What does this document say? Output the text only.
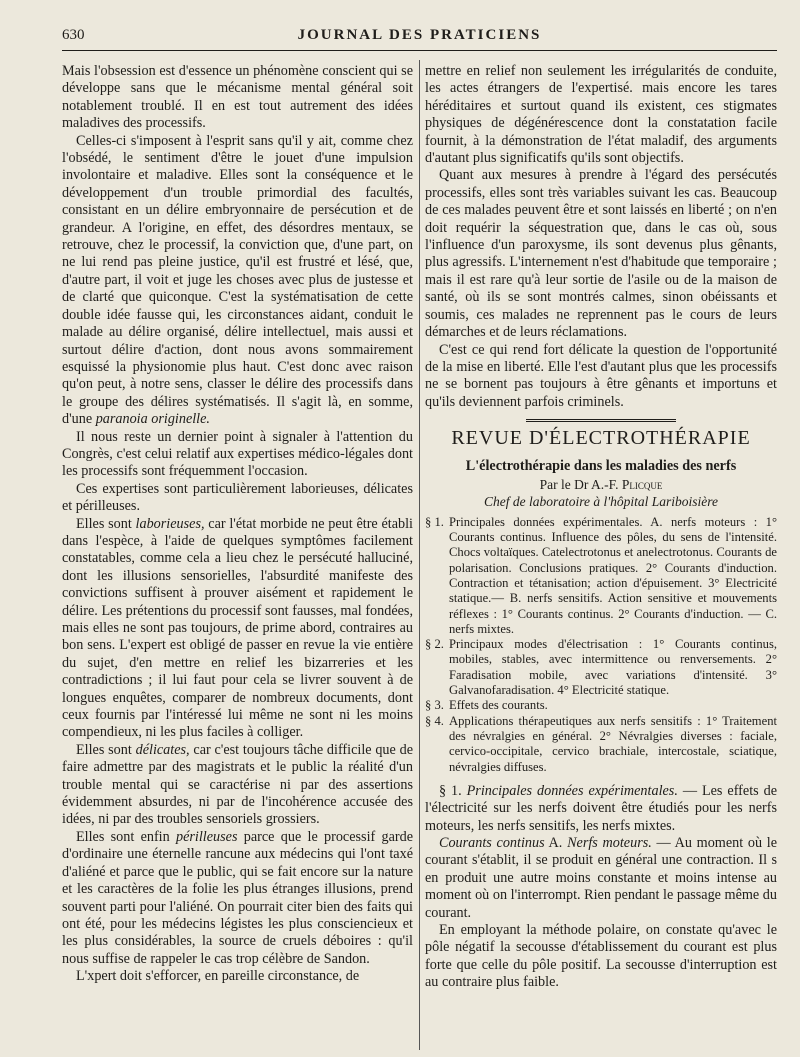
630	JOURNAL DES PRATICIENS

Mais l'obsession est d'essence un phénomène conscient qui se développe sans que le mécanisme mental général soit notablement troublé. Il en est tout autrement des idées maladives des processifs.

Celles-ci s'imposent à l'esprit sans qu'il y ait, comme chez l'obsédé, le sentiment d'être le jouet d'une impulsion involontaire et maladive. Elles sont la conséquence et le développement d'un trouble primordial des facultés, consistant en un délire embryonnaire de persécution et de grandeur. A l'origine, en effet, des désordres mentaux, se retrouve, chez le processif, la conviction que, d'une part, on ne lui rend pas pleine justice, qu'il est frustré et lésé, que, d'autre part, il voit et juge les choses avec plus de justesse et de clarté que quiconque. C'est la systématisation de cette double idée fausse qui, les circonstances aidant, conduit le malade au délire organisé, délire intellectuel, mais aussi et surtout délire d'action, dont nous avons sommairement esquissé la physionomie plus haut. C'est donc avec raison qu'on peut, à notre sens, classer le délire des processifs dans le groupe des délires systématisés. Il s'agit là, en somme, d'une paranoia originelle.

Il nous reste un dernier point à signaler à l'attention du Congrès, c'est celui relatif aux expertises médico-légales dont les processifs sont fréquemment l'occasion.

Ces expertises sont particulièrement laborieuses, délicates et périlleuses.

Elles sont laborieuses, car l'état morbide ne peut être établi dans l'espèce, à l'aide de quelques symptômes facilement constatables, comme cela a lieu chez le persécuté halluciné, dont les illusions sensorielles, l'absurdité manifeste des convictions suffisent à prouver aisément et rapidement le délire. Les prétentions du processif sont fausses, mal fondées, mais elles ne sont pas toujours, de prime abord, contraires au bon sens. L'expert est obligé de passer en revue la vie entière du sujet, d'en mettre en relief les bizarreries et les contradictions ; il lui faut pour cela se livrer souvent à de longues enquêtes, comparer de nombreux documents, dont ceux fournis par l'intéressé lui même ne sont ni les moins compendieux, ni les plus faciles à colliger.

Elles sont délicates, car c'est toujours tâche difficile que de faire admettre par des magistrats et le public la réalité d'un trouble mental qui se caractérise ni par des assertions évidemment absurdes, ni par de l'incohérence accusée des idées, ni par des troubles sensoriels grossiers.

Elles sont enfin périlleuses parce que le processif garde d'ordinaire une éternelle rancune aux médecins qui l'ont taxé d'aliéné et parce que le public, qui se fait encore sur la nature et les caractères de la folie les plus étranges illusions, prend souvent parti pour l'aliéné. On pourrait citer bien des faits qui ont été, pour les médecins légistes les plus consciencieux et les plus considérables, la source de cruels déboires : qu'il nous suffise de rappeler le cas trop célèbre de Sandon.

L'xpert doit s'efforcer, en pareille circonstance, de

mettre en relief non seulement les irrégularités de conduite, les actes étrangers de l'expertisé. mais encore les tares héréditaires et surtout quand ils existent, ces stigmates physiques de dégénérescence dont la constatation facile fournit, à la démonstration de l'état maladif, des arguments d'autant plus significatifs qu'ils sont objectifs.

Quant aux mesures à prendre à l'égard des persécutés processifs, elles sont très variables suivant les cas. Beaucoup de ces malades peuvent être et sont laissés en liberté ; on n'en doit requérir la séquestration que, dans le cas où, sous l'influence d'un paroxysme, ils sont devenus plus gênants, plus agressifs. L'internement n'est d'habitude que temporaire ; mais il est rare qu'à leur sortie de l'asile ou de la maison de santé, où ils se sont montrés calmes, sinon obéissants et soumis, ces malades ne reprennent pas le cours de leurs démarches et de leurs réclamations.

C'est ce qui rend fort délicate la question de l'opportunité de la mise en liberté. Elle l'est d'autant plus que les processifs ne se bornent pas toujours à être gênants et importuns et qu'ils deviennent parfois criminels.

REVUE D'ÉLECTROTHÉRAPIE
L'électrothérapie dans les maladies des nerfs
Par le Dr A.-F. Plicque
Chef de laboratoire à l'hôpital Lariboisière
§ 1. Principales données expérimentales. A. nerfs moteurs : 1° Courants continus. Influence des pôles, du sens de l'intensité. Chocs voltaïques. Catelectrotonus et anelectrotonus. Courants de polarisation. Conclusions pratiques. 2° Courants d'induction. Contraction et tétanisation; action d'épuisement. 3° Electricité statique.— B. nerfs sensitifs. Action sensitive et mouvements réflexes : 1° Courants continus. 2° Courants d'induction. — C. nerfs mixtes.
§ 2. Principaux modes d'électrisation : 1° Courants continus, mobiles, stables, avec intermittence ou renversements. 2° Faradisation mobile, avec variations d'intensité. 3° Galvanofaradisation. 4° Electricité statique.
§ 3. Effets des courants.
§ 4. Applications thérapeutiques aux nerfs sensitifs : 1° Traitement des névralgies en général. 2° Névralgies diverses : faciale, cervico-occipitale, cervico brachiale, intercostale, sciatique, névralgies diffuses.

§ 1. Principales données expérimentales. — Les effets de l'électricité sur les nerfs doivent être étudiés pour les nerfs moteurs, les nerfs sensitifs, les nerfs mixtes.

Courants continus A. Nerfs moteurs. — Au moment où le courant s'établit, il se produit en général une contraction. Il s en produit une autre moins constante et moins intense au moment où on l'interrompt. Rien pendant le passage même du courant.

En employant la méthode polaire, on constate qu'avec le pôle négatif la secousse d'établissement du courant est plus forte que celle du pôle positif. La secousse d'interruption est au contraire plus faible.
